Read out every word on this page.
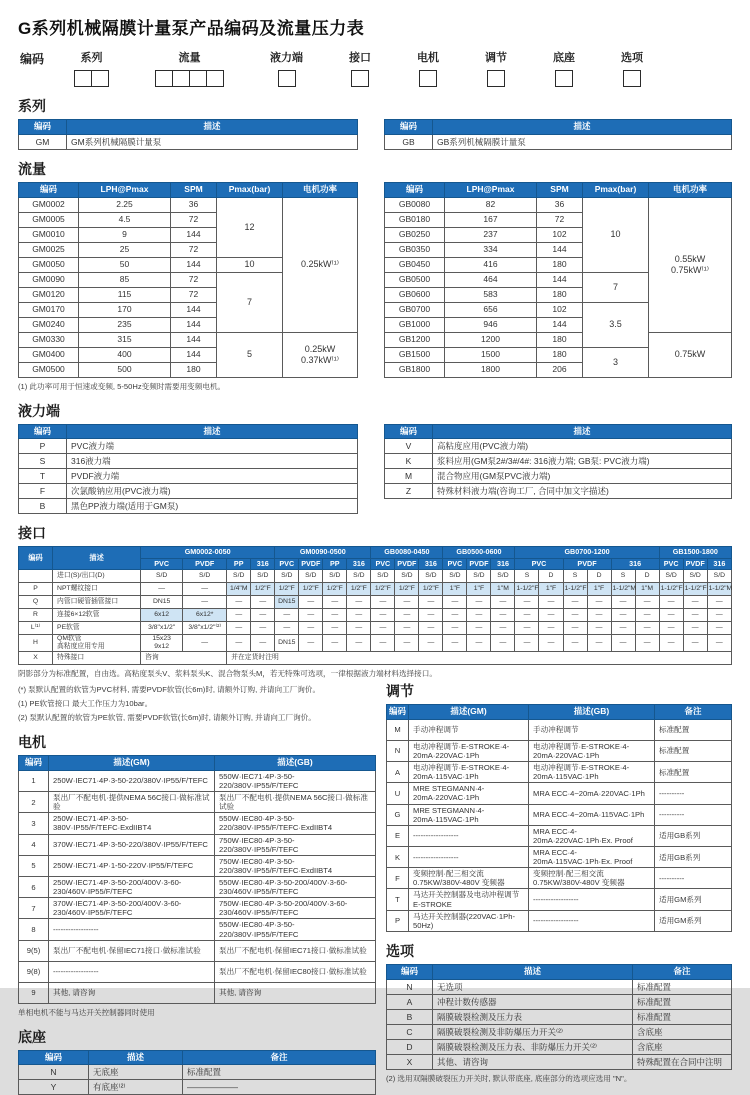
G系列机械隔膜计量泵产品编码及流量压力表
编码	系列	流量	液力端	接口	电机	调节	底座	选项
系列
编码	描述
GM	GM系列机械隔膜计量泵
编码	描述
GB	GB系列机械隔膜计量泵
流量
编码	LPH@Pmax	SPM	Pmax(bar)	电机功率
GM0002	2.25	36	12	0.25kW⁽¹⁾
GM0005	4.5	72		
GM0010	9	144		
GM0025	25	72		
GM0050	50	144	10	
GM0090	85	72	7	
GM0120	115	72		
GM0170	170	144		
GM0240	235	144		
GM0330	315	144	5	0.25kW
0.37kW⁽¹⁾
GM0400	400	144		
GM0500	500	180		
(1) 此功率可用于恒速或变频, 5-50Hz变频时需要用变频电机。
编码	LPH@Pmax	SPM	Pmax(bar)	电机功率
GB0080	82	36	10	0.55kW
0.75kW⁽¹⁾
GB0180	167	72		
GB0250	237	102		
GB0350	334	144		
GB0450	416	180		
GB0500	464	144	7	
GB0600	583	180		
GB0700	656	102	3.5	
GB1000	946	144		
GB1200	1200	180		0.75kW
GB1500	1500	180	3	
GB1800	1800	206		
液力端
编码	描述
P	PVC液力端
S	316液力端
T	PVDF液力端
F	次氯酸钠应用(PVC液力端)
B	黑色PP液力端(适用于GM泵)
编码	描述
V	高粘度应用(PVC液力端)
K	浆料应用(GM泵2#/3#/4#: 316液力端; GB泵: PVC液力端)
M	混合物应用(GM泵PVC液力端)
Z	特殊材料液力端(咨询工厂, 合同中加文字描述)
接口
编码	描述	GM0002-0050				GM0090-0500				GB0080-0450			GB0500-0600			GB0700-1200						GB1500-1800		
		PVC	PVDF	PP	316	PVC	PVDF	PP	316	PVC	PVDF	316	PVC	PVDF	316	PVC		PVDF		316		PVC	PVDF	316
	进口(S)/出口(D)	S/D	S/D	S/D	S/D	S/D	S/D	S/D	S/D	S/D	S/D	S/D	S/D	S/D	S/D	S	D	S	D	S	D	S/D	S/D	S/D
P	NPT螺纹接口	—	—	1/4"M	1/2"F	1/2"F	1/2"F	1/2"F	1/2"F	1/2"F	1/2"F	1/2"F	1"F	1"F	1"M	1-1/2"F	1"F	1-1/2"F	1"F	1-1/2"M	1"M	1-1/2"F	1-1/2"F	1-1/2"M
Q	内管口硬管插管接口	DN15	—	—	—	DN15	—	—	—	—	—	—	—	—	—	—	—	—	—	—	—	—	—	—
R	连接6×12软管	6x12	6x12*	—	—	—	—	—	—	—	—	—	—	—	—	—	—	—	—	—	—	—	—	—
L⁽¹⁾	PE软管	3/8"x1/2"	3/8"x1/2"⁽²⁾	—	—	—	—	—	—	—	—	—	—	—	—	—	—	—	—	—	—	—	—	—
H	QM软管
高粘度应用专用	15x23
9x12	—	—	—	DN15	—	—	—	—	—	—	—	—	—	—	—	—	—	—	—	—	—	—
X	特殊接口	咨询		并在定货时注明																				
阴影部分为标准配置，自由选。高粘度泵头V、浆料泵头K、混合物泵头M，若无特殊可选项，一律根据液力端材料选择接口。
(*) 泵默认配置的软管为PVC材料, 需要PVDF软管(长6m)时, 请额外订购, 并请向工厂询价。
(1) PE软管接口 最大工作压力为10bar。
(2) 泵默认配置的软管为PE软管, 需要PVDF软管(长6m)时, 请额外订购, 并请向工厂询价。
电机
编码	描述(GM)	描述(GB)
1	250W·IEC71·4P·3-50-220/380V·IP55/F/TEFC	550W·IEC71·4P·3-50-220/380V·IP55/F/TEFC
2	泵出厂不配电机·提供NEMA 56C接口·做标准试验	泵出厂不配电机·提供NEMA 56C接口·做标准试验
3	250W·IEC71·4P·3-50-380V·IP55/F/TEFC·ExdIIBT4	550W·IEC80·4P·3-50-220/380V·IP55/F/TEFC·ExdIIBT4
4	370W·IEC71·4P·3-50-220/380V·IP55/F/TEFC	750W·IEC80·4P·3-50-220/380V·IP55/F/TEFC
5	250W·IEC71·4P·1-50-220V·IP55/F/TEFC	750W·IEC80·4P·3-50-220/380V·IP55/F/TEFC·ExdIIBT4
6	250W·IEC71·4P·3-50-200/400V·3-60-230/460V·IP55/F/TEFC	550W·IEC80·4P·3-50-200/400V·3-60-230/460V·IP55/F/TEFC
7	370W·IEC71·4P·3-50-200/400V·3-60-230/460V·IP55/F/TEFC	750W·IEC80·4P·3-50-200/400V·3-60-230/460V·IP55/F/TEFC
8	------------------	550W·IEC80·4P·3-50-220/380V·IP55/F/TEFC
9(5)	泵出厂不配电机·保留IEC71接口·做标准试验	泵出厂不配电机·保留IEC71接口·做标准试验
9(8)	------------------	泵出厂不配电机·保留IEC80接口·做标准试验
9	其他, 请咨询	其他, 请咨询
单相电机不能与马达开关控制器同时使用
底座
编码	描述	备注
N	无底座	标准配置
Y	有底座⁽²⁾	——————
调节
编码	描述(GM)	描述(GB)	备注
M	手动冲程调节	手动冲程调节	标准配置
N	电动冲程调节·E-STROKE·4-20mA·220VAC·1Ph	电动冲程调节·E-STROKE·4-20mA·220VAC·1Ph	标准配置
A	电动冲程调节·E-STROKE·4-20mA·115VAC·1Ph	电动冲程调节·E-STROKE·4-20mA·115VAC·1Ph	标准配置
U	MRE STEGMANN·4-20mA·220VAC·1Ph	MRA ECC·4~20mA·220VAC·1Ph	----------
G	MRE STEGMANN·4-20mA·115VAC·1Ph	MRA ECC·4~20mA·115VAC·1Ph	----------
E	------------------	MRA ECC·4-20mA·220VAC·1Ph·Ex. Proof	适用GB系列
K	------------------	MRA ECC·4-20mA·115VAC·1Ph·Ex. Proof	适用GB系列
F	变频控制·配三相交流
0.75KW/380V-480V 变频器	变频控制·配三相交流
0.75KW/380V-480V 变频器	----------
T	马达开关控制器及电动冲程调节E-STROKE	------------------	适用GM系列
P	马达开关控制器(220VAC·1Ph-50Hz)	------------------	适用GM系列
选项
编码	描述	备注
N	无选项	标准配置
A	冲程计数传感器	标准配置
B	隔膜破裂检测及压力表	标准配置
C	隔膜破裂检测及非防爆压力开关⁽²⁾	含底座
D	隔膜破裂检测及压力表、非防爆压力开关⁽²⁾	含底座
X	其他、请咨询	特殊配置在合同中注明
(2) 选用双隔膜破裂压力开关时, 默认带底座, 底座部分的选项应选用 "N"。
